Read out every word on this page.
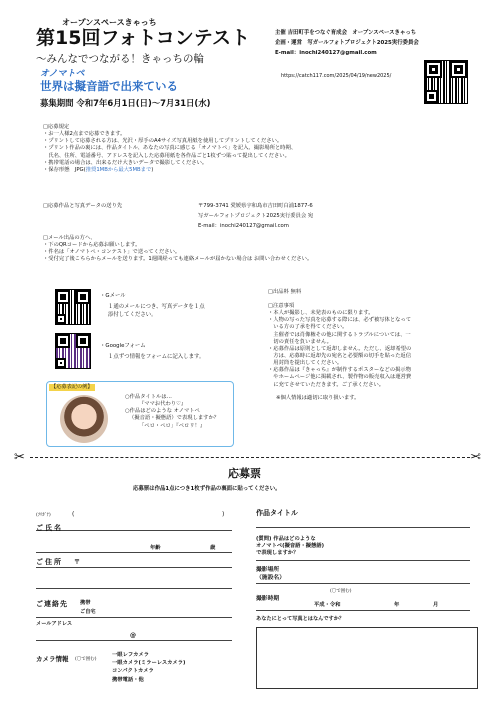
オープンスペースきゃっち
第15回フォトコンテスト
〜みんなでつながる！きゃっちの輪
オノマトペ
世界は擬音語で出来ている
募集期間 令和7年6月1日(日)〜7月31日(水)
主催 吉田町手をつなぐ育成会　オープンスペースきゃっち
企画・運営　写ガールフォトプロジェクト2025実行委員会
E-mail：inochi240127@gmail.com
https://catch117.com/2025/04/19/new2025/

□応募規定

・お一人様2点まで応募できます。

・プリントして応募される方は、光沢・厚手のA4サイズ写真用紙を使用してプリントしてください。

・プリント作品の裏には、作品タイトル、あなたの写真に感じる「オノマトペ」を記入、撮影場所と時期、

　氏名、住所、電話番号、アドレスを記入した応募用紙を各作品ごと1枚ずつ貼って提出してください。

・携帯電話の場合は、出来るだけ大きいデータで撮影してください。

・保存形態　JPG(推奨1MBから最大5MBまで)

□応募作品と写真データの送り先	〒799-3741 愛媛県宇和島市吉田町白浦1877-6
写ガールフォトプロジェクト2025実行委員会 宛
E-mail：inochi240127@gmail.com

□メール出品の方へ、

・下のQRコードから応募お願いします。

・件名は「オノマトペ・コンテスト」で送ってください。

・受付完了後こちらからメールを送ります。1週間経っても連絡メールが届かない場合は お問い合わせください。

・Gメール

１通のメールにつき、写真データを１点

添付してください。

・Googleフォーム

１点ずつ情報をフォームに記入します。

【応募表記の例】

○作品タイトルは…

『ママお代わり♡』

○作品はどのような オノマトペ

（擬音語・擬態語）で表現しますか？

「ペロ・ペロ」『ペロリ！』

□出品料 無料

□注意事項

・本人が撮影し、未発表のものに限ります。

・人物の写った写真を応募する際には、必ず被写体となって

　いる方の了承を得てください。

　主催者では肖像権その他に関するトラブルについては、一

　切の責任を負いません。

・応募作品は原則として返却しません。ただし、返却希望の

　方は、応募時に返却先の宛名と必要額の切手を貼った返信

　用封筒を提出してください。

・応募作品は『きゃっち』が制作するポスターなどの掲示物

　やホームページ他に掲載され、製作物の販売収入は運営費

　に充てさせていただきます。ご了承ください。

※個人情報は適切に取り扱います。

✂	✂
応募票
応募票は作品1点につき1枚ず作品の裏面に貼ってください。
(ﾌﾘｶﾞﾅ)	(	)
ご氏名
年齢	歳
ご住所 〒
ご連絡先 携帯
ご自宅
メールアドレス
@
カメラ情報 (〇で囲む)

一眼レフカメラ

一眼カメラ(ミラーレスカメラ)

コンパクトカメラ

携帯電話・他

作品タイトル

(質問) 作品はどのような

オノマトペ(擬音語・擬態語)

で表現しますか？

撮影場所

（施設名）

(〇で囲む)
撮影時期
平成・令和	年	月
あなたにとって写真とはなんですか？
